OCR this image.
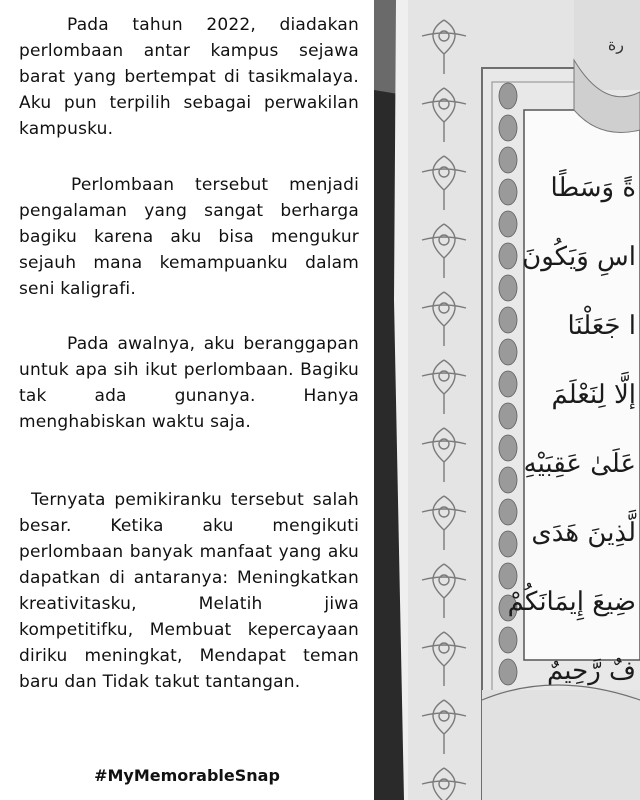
Pada tahun 2022, diadakan perlombaan antar kampus sejawa barat yang bertempat di tasikmalaya. Aku pun terpilih sebagai perwakilan kampusku.

Perlombaan tersebut menjadi pengalaman yang sangat berharga bagiku karena aku bisa mengukur sejauh mana kemampuanku dalam seni kaligrafi.

Pada awalnya, aku beranggapan untuk apa sih ikut perlombaan. Bagiku tak ada gunanya. Hanya menghabiskan waktu saja.

Ternyata pemikiranku tersebut salah besar. Ketika aku mengikuti perlombaan banyak manfaat yang aku dapatkan di antaranya: Meningkatkan kreativitasku, Melatih jiwa kompetitifku, Membuat kepercayaan diriku meningkat, Mendapat teman baru dan Tidak takut tantangan.

#MyMemorableSnap

رة
ةً وَسَطًا
اسِ وَيَكُونَ
ا جَعَلْنَا
إلَّا لِنَعْلَمَ
عَلَىٰ عَقِبَيْهِ
لَّذِينَ هَدَى
ضِيعَ إِيمَانَكُمْ
فٌ رَّحِيمٌ
